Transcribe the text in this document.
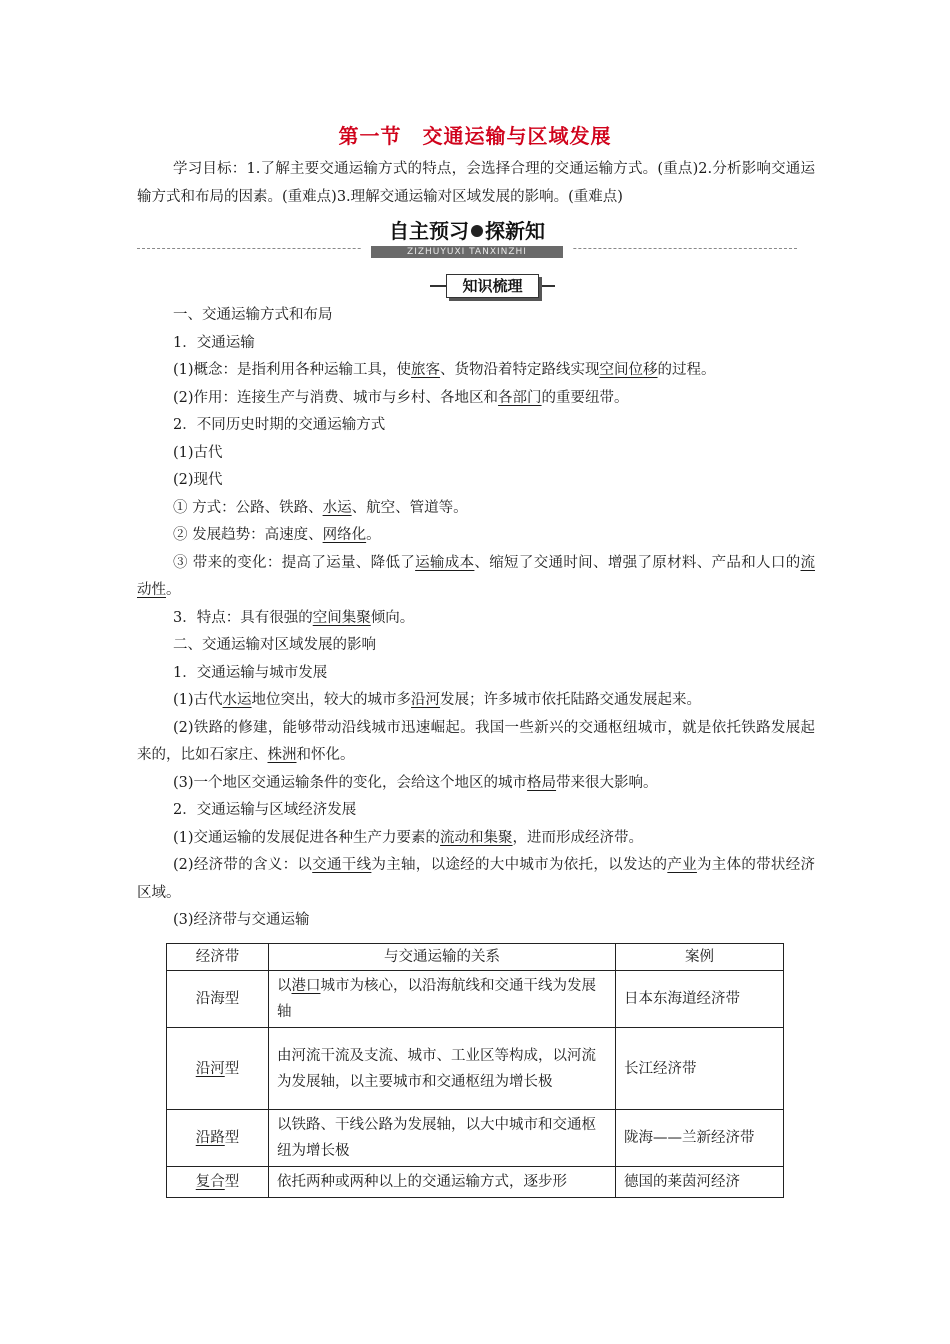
第一节　交通运输与区域发展
学习目标：1.了解主要交通运输方式的特点，会选择合理的交通运输方式。(重点)2.分析影响交通运输方式和布局的因素。(重难点)3.理解交通运输对区域发展的影响。(重难点)
自主预习 探新知
ZIZHUYUXI TANXINZHI
知识梳理

一、交通运输方式和布局

1．交通运输

(1)概念：是指利用各种运输工具，使旅客、货物沿着特定路线实现空间位移的过程。

(2)作用：连接生产与消费、城市与乡村、各地区和各部门的重要纽带。

2．不同历史时期的交通运输方式

(1)古代

(2)现代

① 方式：公路、铁路、水运、航空、管道等。

② 发展趋势：高速度、网络化。

③ 带来的变化：提高了运量、降低了运输成本、缩短了交通时间、增强了原材料、产品和人口的流动性。

3．特点：具有很强的空间集聚倾向。

二、交通运输对区域发展的影响

1．交通运输与城市发展

(1)古代水运地位突出，较大的城市多沿河发展；许多城市依托陆路交通发展起来。

(2)铁路的修建，能够带动沿线城市迅速崛起。我国一些新兴的交通枢纽城市，就是依托铁路发展起来的，比如石家庄、株洲和怀化。

(3)一个地区交通运输条件的变化，会给这个地区的城市格局带来很大影响。

2．交通运输与区域经济发展

(1)交通运输的发展促进各种生产力要素的流动和集聚，进而形成经济带。

(2)经济带的含义：以交通干线为主轴，以途经的大中城市为依托，以发达的产业为主体的带状经济区域。

(3)经济带与交通运输

经济带	与交通运输的关系	案例
沿海型	以港口城市为核心，以沿海航线和交通干线为发展轴	日本东海道经济带
沿河型	由河流干流及支流、城市、工业区等构成，以河流为发展轴，以主要城市和交通枢纽为增长极	长江经济带
沿路型	以铁路、干线公路为发展轴，以大中城市和交通枢纽为增长极	陇海——兰新经济带
复合型	依托两种或两种以上的交通运输方式，逐步形	德国的莱茵河经济
